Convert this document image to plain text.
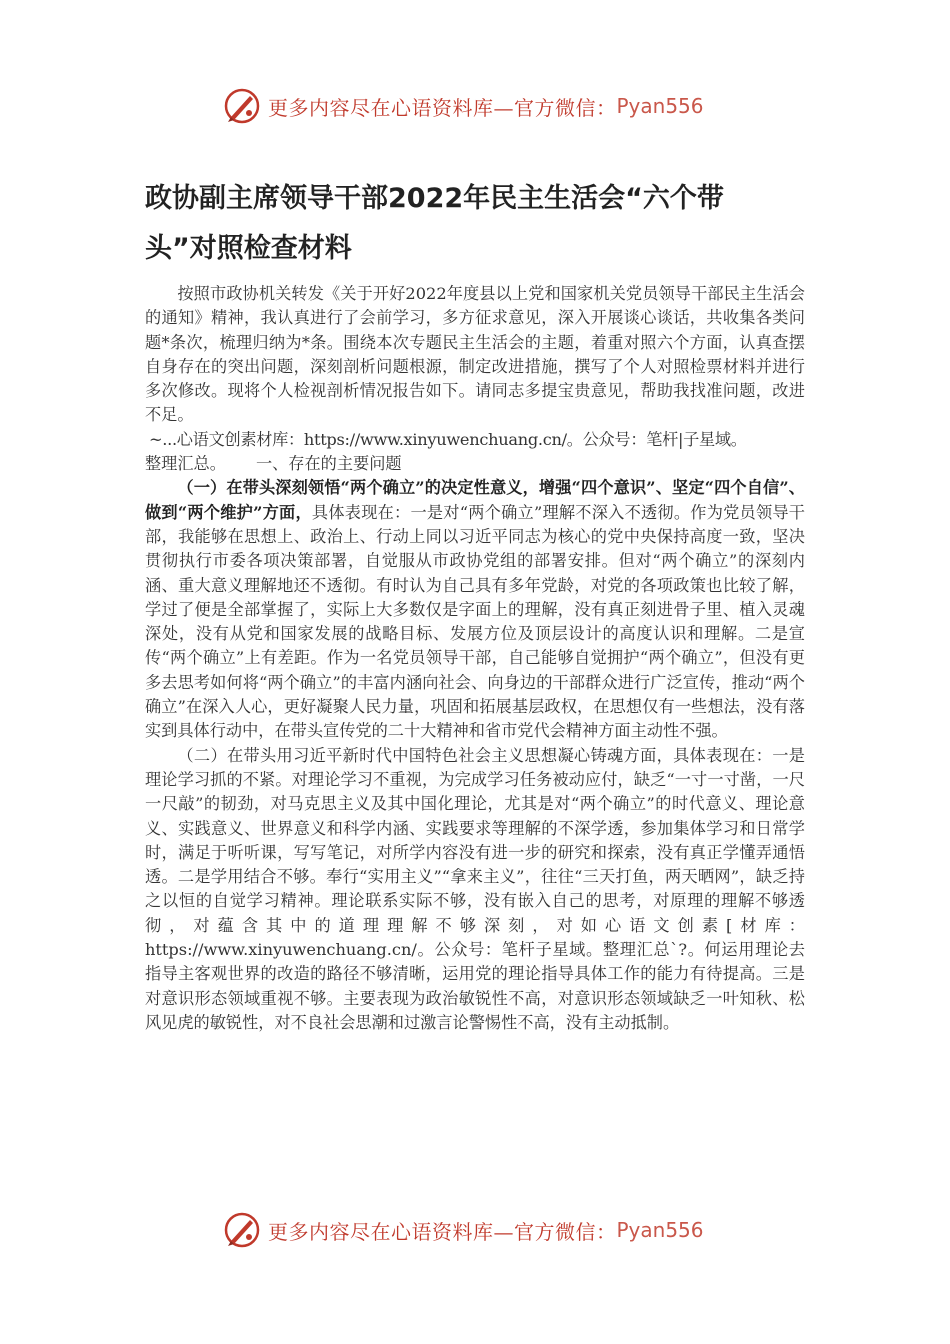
更多内容尽在心语资料库—官方微信： Pyan556
政协副主席领导干部2022年民主生活会“六个带头”对照检查材料

按照市政协机关转发《关于开好2022年度县以上党和国家机关党员领导干部民主生活会的通知》精神，我认真进行了会前学习，多方征求意见，深入开展谈心谈话，共收集各类问题*条次，梳理归纳为*条。围绕本次专题民主生活会的主题，着重对照六个方面，认真查摆自身存在的突出问题，深刻剖析问题根源，制定改进措施，撰写了个人对照检票材料并进行多次修改。现将个人检视剖析情况报告如下。请同志多提宝贵意见，帮助我找准问题，改进不足。

~...心语文创素材库：https://www.xinyuwenchuang.cn/。公众号：笔杆|子星域。

整理汇总。 一、存在的主要问题

（一）在带头深刻领悟“两个确立”的决定性意义，增强“四个意识”、坚定“四个自信”、做到“两个维护”方面，具体表现在：一是对“两个确立”理解不深入不透彻。作为党员领导干部，我能够在思想上、政治上、行动上同以习近平同志为核心的党中央保持高度一致，坚决贯彻执行市委各项决策部署，自觉服从市政协党组的部署安排。但对“两个确立”的深刻内涵、重大意义理解地还不透彻。有时认为自己具有多年党龄，对党的各项政策也比较了解，学过了便是全部掌握了，实际上大多数仅是字面上的理解，没有真正刻进骨子里、植入灵魂深处，没有从党和国家发展的战略目标、发展方位及顶层设计的高度认识和理解。二是宣传“两个确立”上有差距。作为一名党员领导干部，自己能够自觉拥护“两个确立”，但没有更多去思考如何将“两个确立”的丰富内涵向社会、向身边的干部群众进行广泛宣传，推动“两个确立”在深入人心，更好凝聚人民力量，巩固和拓展基层政权，在思想仅有一些想法，没有落实到具体行动中，在带头宣传党的二十大精神和省市党代会精神方面主动性不强。

（二）在带头用习近平新时代中国特色社会主义思想凝心铸魂方面，具体表现在：一是理论学习抓的不紧。对理论学习不重视，为完成学习任务被动应付，缺乏“一寸一寸凿，一尺一尺敲”的韧劲，对马克思主义及其中国化理论，尤其是对“两个确立”的时代意义、理论意义、实践意义、世界意义和科学内涵、实践要求等理解的不深学透，参加集体学习和日常学时，满足于听听课，写写笔记，对所学内容没有进一步的研究和探索，没有真正学懂弄通悟透。二是学用结合不够。奉行“实用主义”“拿来主义”，往往“三天打鱼，两天晒网”，缺乏持之以恒的自觉学习精神。理论联系实际不够，没有嵌入自己的思考，对原理的理解不够透彻，对蕴含其中的道理理解不够深刻，对如心语文创素[材库：https://www.xinyuwenchuang.cn/。公众号：笔杆子星域。整理汇总`?。何运用理论去指导主客观世界的改造的路径不够清晰，运用党的理论指导具体工作的能力有待提高。三是对意识形态领域重视不够。主要表现为政治敏锐性不高，对意识形态领域缺乏一叶知秋、松风见虎的敏锐性，对不良社会思潮和过激言论警惕性不高，没有主动抵制。

更多内容尽在心语资料库—官方微信： Pyan556
